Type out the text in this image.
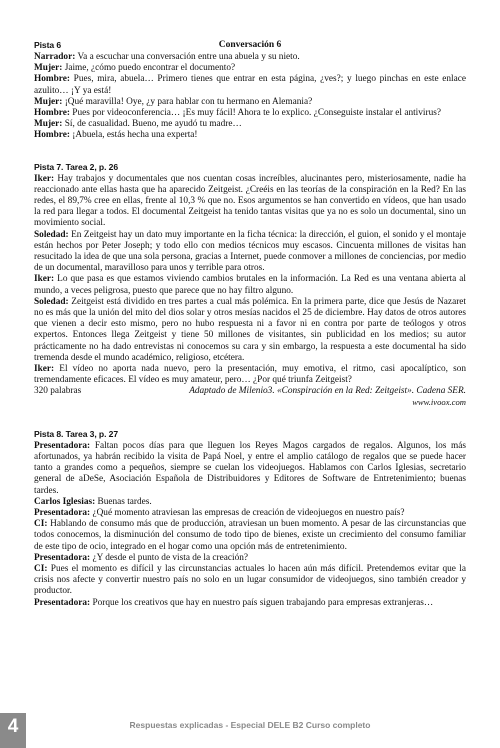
Pista 6	Conversación 6
Narrador: Va a escuchar una conversación entre una abuela y su nieto.
Mujer: Jaime, ¿cómo puedo encontrar el documento?
Hombre: Pues, mira, abuela… Primero tienes que entrar en esta página, ¿ves?; y luego pinchas en este enlace azulito… ¡Y ya está!
Mujer: ¡Qué maravilla! Oye, ¿y para hablar con tu hermano en Alemania?
Hombre: Pues por videoconferencia… ¡Es muy fácil! Ahora te lo explico. ¿Conseguiste instalar el antivirus?
Mujer: Sí, de casualidad. Bueno, me ayudó tu madre…
Hombre: ¡Abuela, estás hecha una experta!
Pista 7. Tarea 2, p. 26
Iker: Hay trabajos y documentales que nos cuentan cosas increíbles, alucinantes pero, misteriosamente, nadie ha reaccionado ante ellas hasta que ha aparecido Zeitgeist. ¿Creéis en las teorías de la conspiración en la Red? En las redes, el 89,7% cree en ellas, frente al 10,3 % que no. Esos argumentos se han convertido en vídeos, que han usado la red para llegar a todos. El documental Zeitgeist ha tenido tantas visitas que ya no es solo un documental, sino un movimiento social.
Soledad: En Zeitgeist hay un dato muy importante en la ficha técnica: la dirección, el guion, el sonido y el montaje están hechos por Peter Joseph; y todo ello con medios técnicos muy escasos. Cincuenta millones de visitas han resucitado la idea de que una sola persona, gracias a Internet, puede conmover a millones de conciencias, por medio de un documental, maravilloso para unos y terrible para otros.
Iker: Lo que pasa es que estamos viviendo cambios brutales en la información. La Red es una ventana abierta al mundo, a veces peligrosa, puesto que parece que no hay filtro alguno.
Soledad: Zeitgeist está dividido en tres partes a cual más polémica. En la primera parte, dice que Jesús de Nazaret no es más que la unión del mito del dios solar y otros mesías nacidos el 25 de diciembre. Hay datos de otros autores que vienen a decir esto mismo, pero no hubo respuesta ni a favor ni en contra por parte de teólogos y otros expertos. Entonces llega Zeitgeist y tiene 50 millones de visitantes, sin publicidad en los medios; su autor prácticamente no ha dado entrevistas ni conocemos su cara y sin embargo, la respuesta a este documental ha sido tremenda desde el mundo académico, religioso, etcétera.
Iker: El vídeo no aporta nada nuevo, pero la presentación, muy emotiva, el ritmo, casi apocalíptico, son tremendamente eficaces. El vídeo es muy amateur, pero… ¿Por qué triunfa Zeitgeist?
320 palabras	Adaptado de Milenio3. «Conspiración en la Red: Zeitgeist». Cadena SER.
www.ivoox.com
Pista 8. Tarea 3, p. 27
Presentadora: Faltan pocos días para que lleguen los Reyes Magos cargados de regalos. Algunos, los más afortunados, ya habrán recibido la visita de Papá Noel, y entre el amplio catálogo de regalos que se puede hacer tanto a grandes como a pequeños, siempre se cuelan los videojuegos. Hablamos con Carlos Iglesias, secretario general de aDeSe, Asociación Española de Distribuidores y Editores de Software de Entretenimiento; buenas tardes.
Carlos Iglesias: Buenas tardes.
Presentadora: ¿Qué momento atraviesan las empresas de creación de videojuegos en nuestro país?
CI: Hablando de consumo más que de producción, atraviesan un buen momento. A pesar de las circunstancias que todos conocemos, la disminución del consumo de todo tipo de bienes, existe un crecimiento del consumo familiar de este tipo de ocio, integrado en el hogar como una opción más de entretenimiento.
Presentadora: ¿Y desde el punto de vista de la creación?
CI: Pues el momento es difícil y las circunstancias actuales lo hacen aún más difícil. Pretendemos evitar que la crisis nos afecte y convertir nuestro país no solo en un lugar consumidor de videojuegos, sino también creador y productor.
Presentadora: Porque los creativos que hay en nuestro país siguen trabajando para empresas extranjeras…
4	Respuestas explicadas - Especial DELE B2 Curso completo
